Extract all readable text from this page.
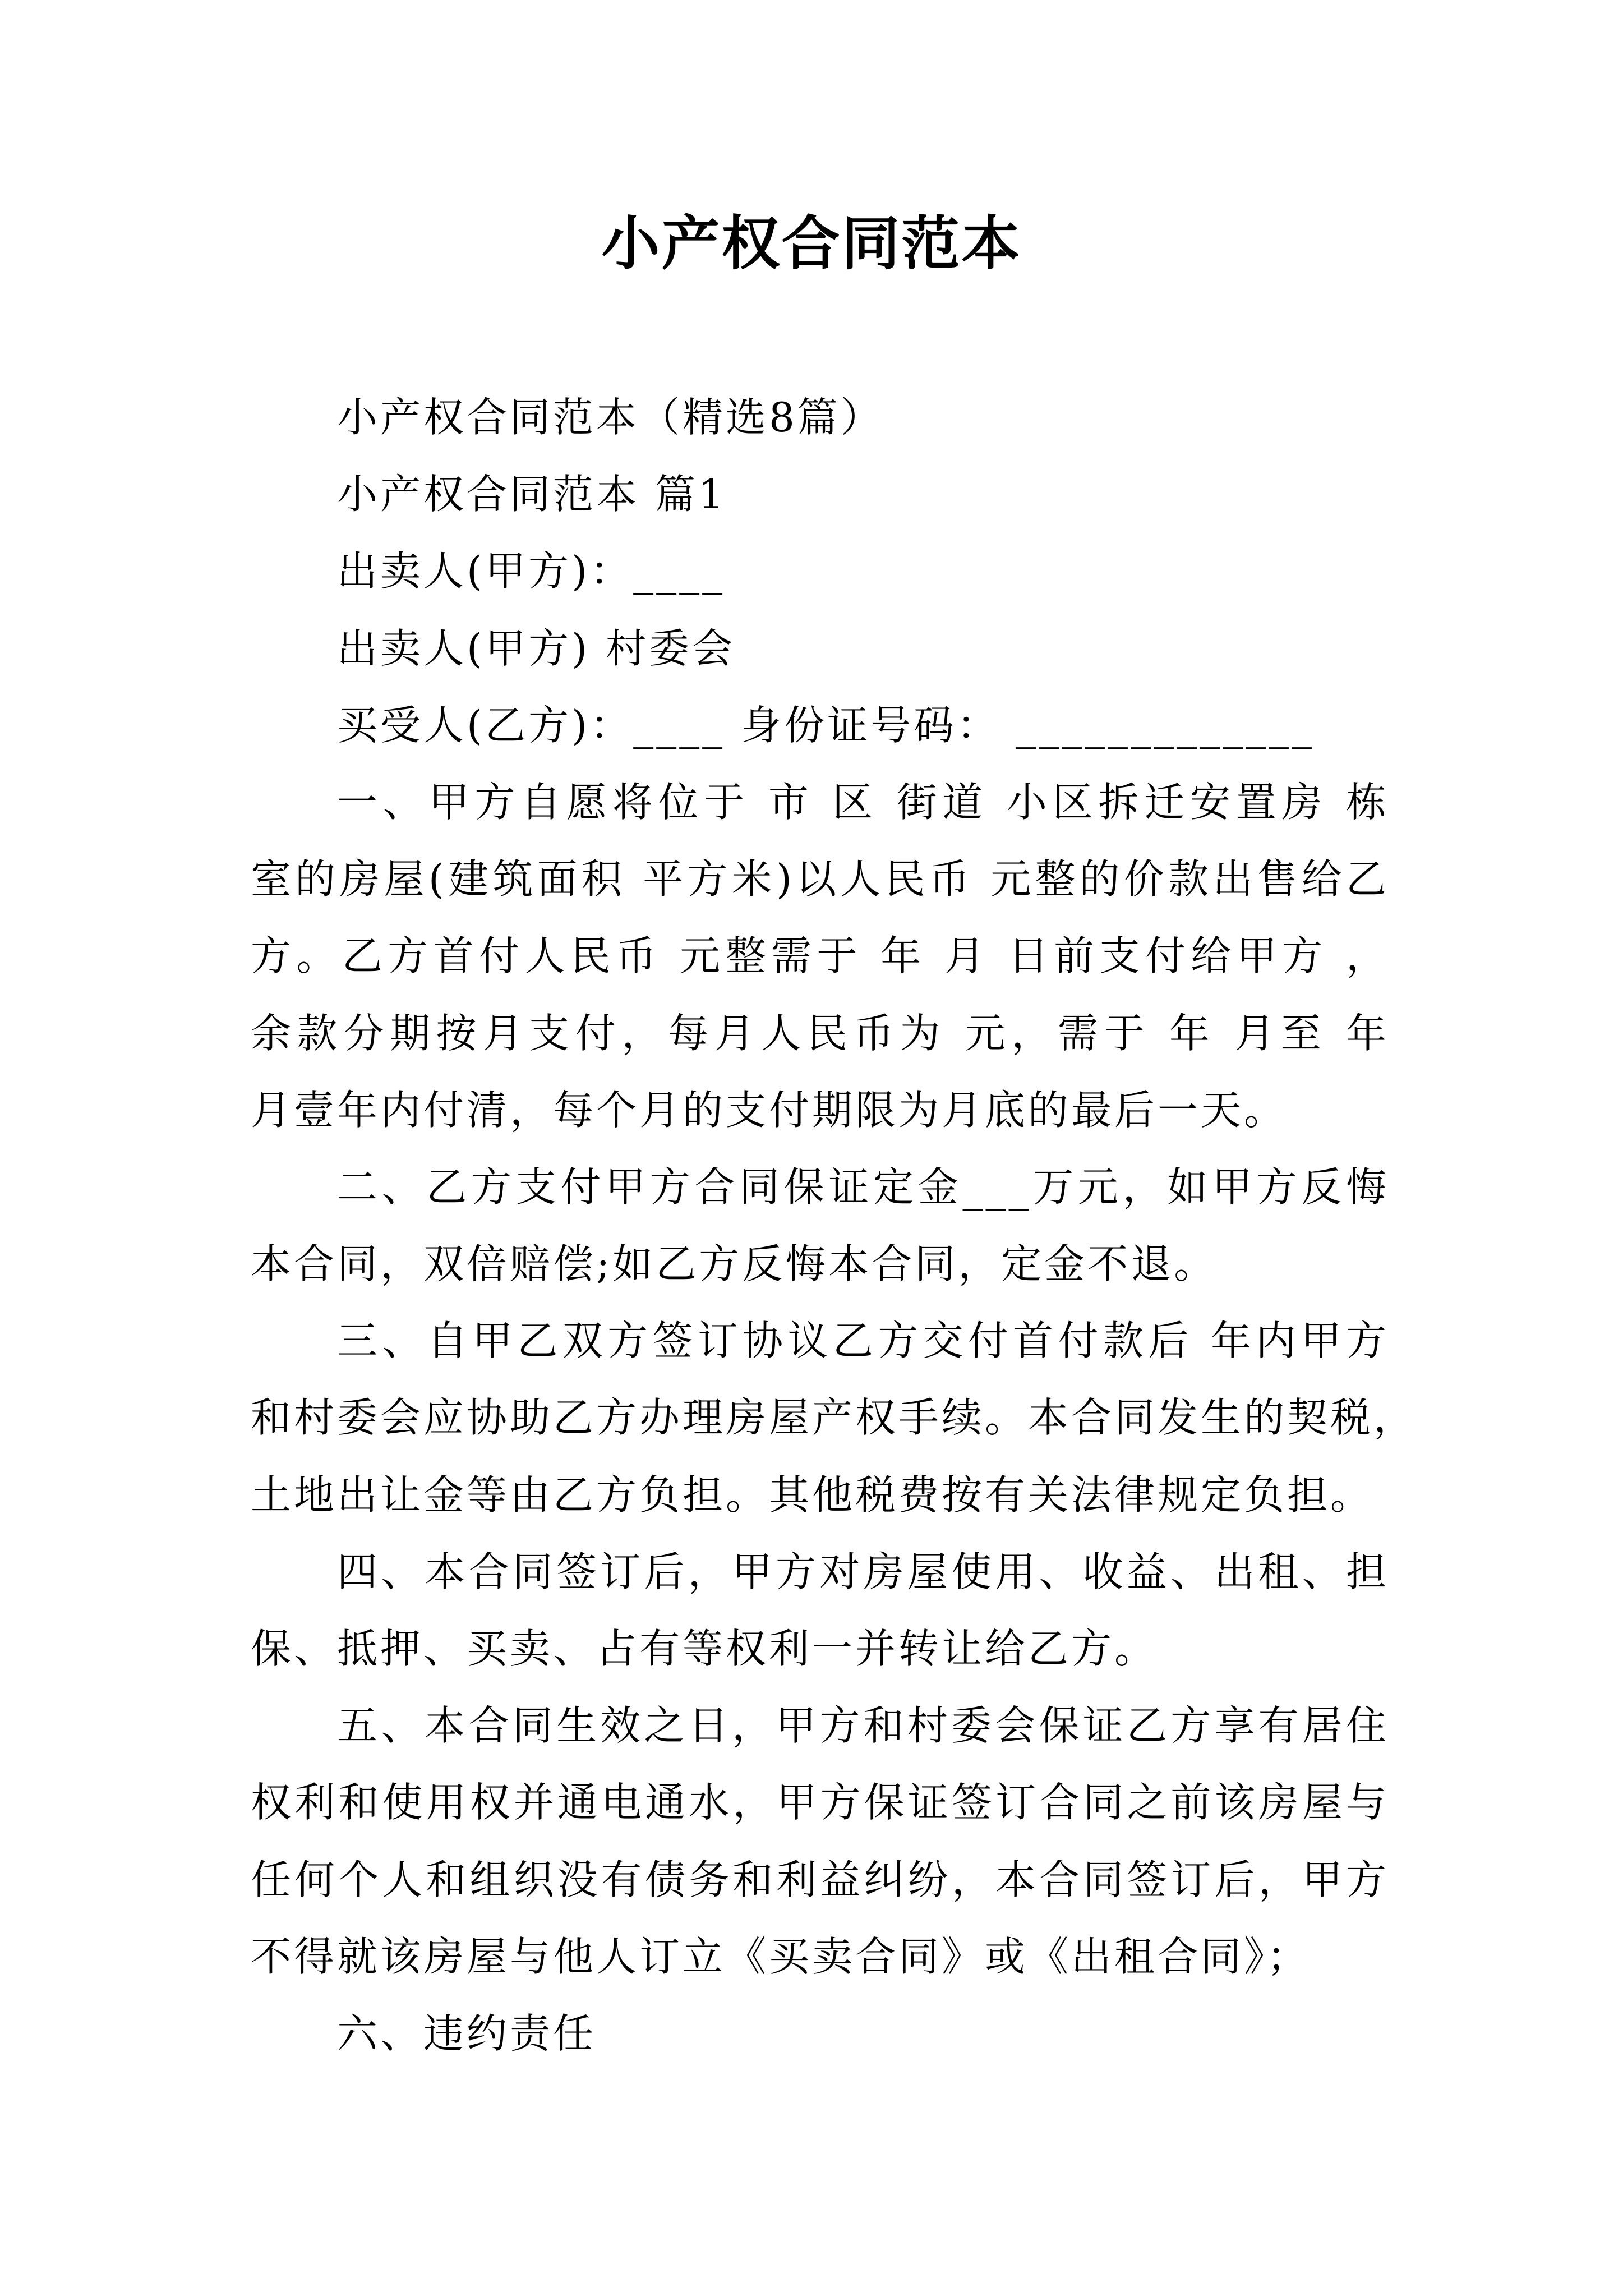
小产权合同范本
小产权合同范本（精选8篇）
小产权合同范本 篇1
出卖人(甲方)：____
出卖人(甲方) 村委会
买受人(乙方)：____ 身份证号码： _____________
一、甲方自愿将位于 市 区 街道 小区拆迁安置房 栋
室的房屋(建筑面积 平方米)以人民币 元整的价款出售给乙
方。乙方首付人民币 元整需于 年 月 日前支付给甲方 ，
余款分期按月支付，每月人民币为 元，需于 年 月至 年
月壹年内付清，每个月的支付期限为月底的最后一天。
二、乙方支付甲方合同保证定金___万元，如甲方反悔
本合同，双倍赔偿;如乙方反悔本合同，定金不退。
三、自甲乙双方签订协议乙方交付首付款后 年内甲方
和村委会应协助乙方办理房屋产权手续。本合同发生的契税，
土地出让金等由乙方负担。其他税费按有关法律规定负担。
四、本合同签订后，甲方对房屋使用、收益、出租、担
保、抵押、买卖、占有等权利一并转让给乙方。
五、本合同生效之日，甲方和村委会保证乙方享有居住
权利和使用权并通电通水，甲方保证签订合同之前该房屋与
任何个人和组织没有债务和利益纠纷，本合同签订后，甲方
不得就该房屋与他人订立《买卖合同》或《出租合同》；
六、违约责任
